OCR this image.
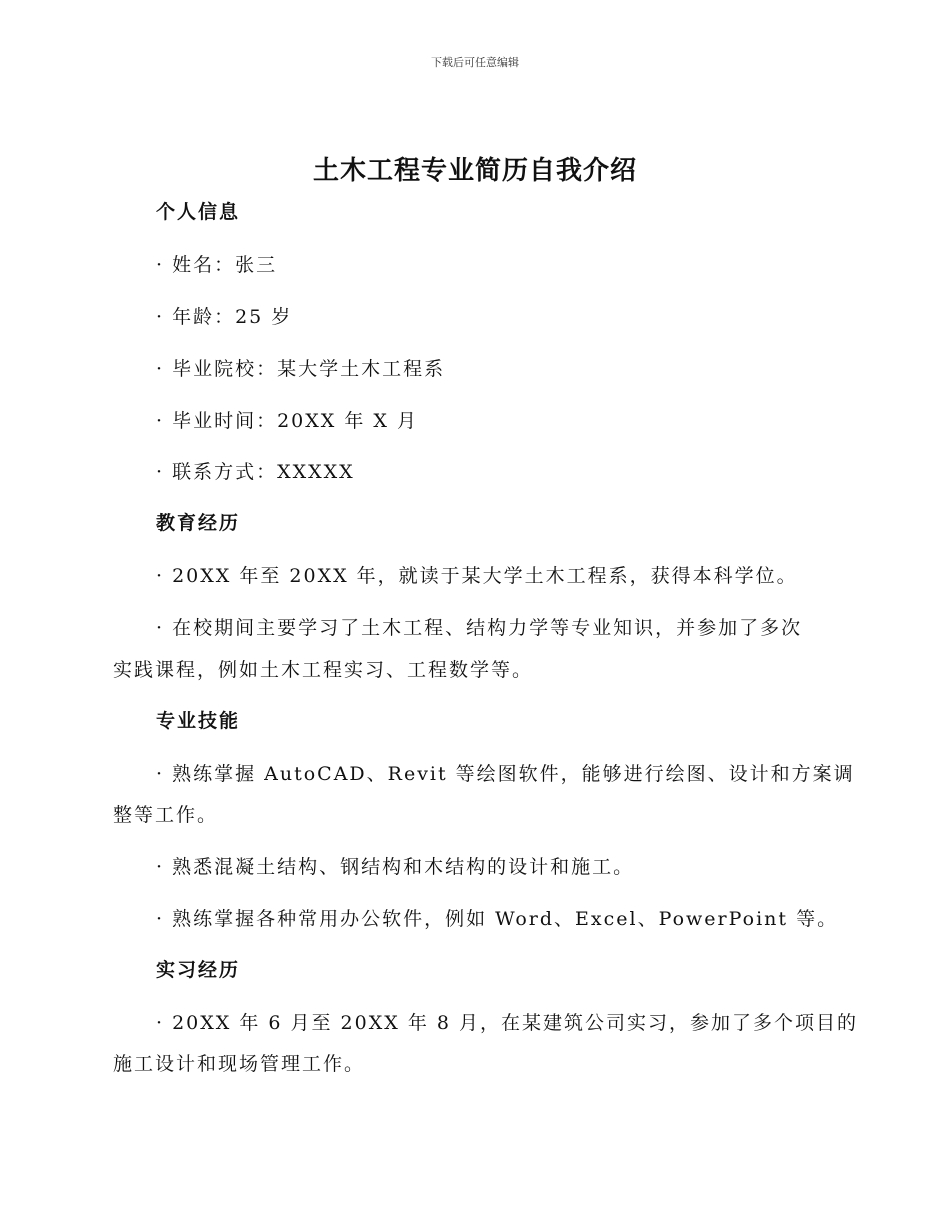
下载后可任意编辑
土木工程专业简历自我介绍
个人信息
· 姓名：张三
· 年龄：25 岁
· 毕业院校：某大学土木工程系
· 毕业时间：20XX 年 X 月
· 联系方式：XXXXX
教育经历
· 20XX 年至 20XX 年，就读于某大学土木工程系，获得本科学位。
· 在校期间主要学习了土木工程、结构力学等专业知识，并参加了多次
实践课程，例如土木工程实习、工程数学等。
专业技能
· 熟练掌握 AutoCAD、Revit 等绘图软件，能够进行绘图、设计和方案调
整等工作。
· 熟悉混凝土结构、钢结构和木结构的设计和施工。
· 熟练掌握各种常用办公软件，例如 Word、Excel、PowerPoint 等。
实习经历
· 20XX 年 6 月至 20XX 年 8 月，在某建筑公司实习，参加了多个项目的
施工设计和现场管理工作。
